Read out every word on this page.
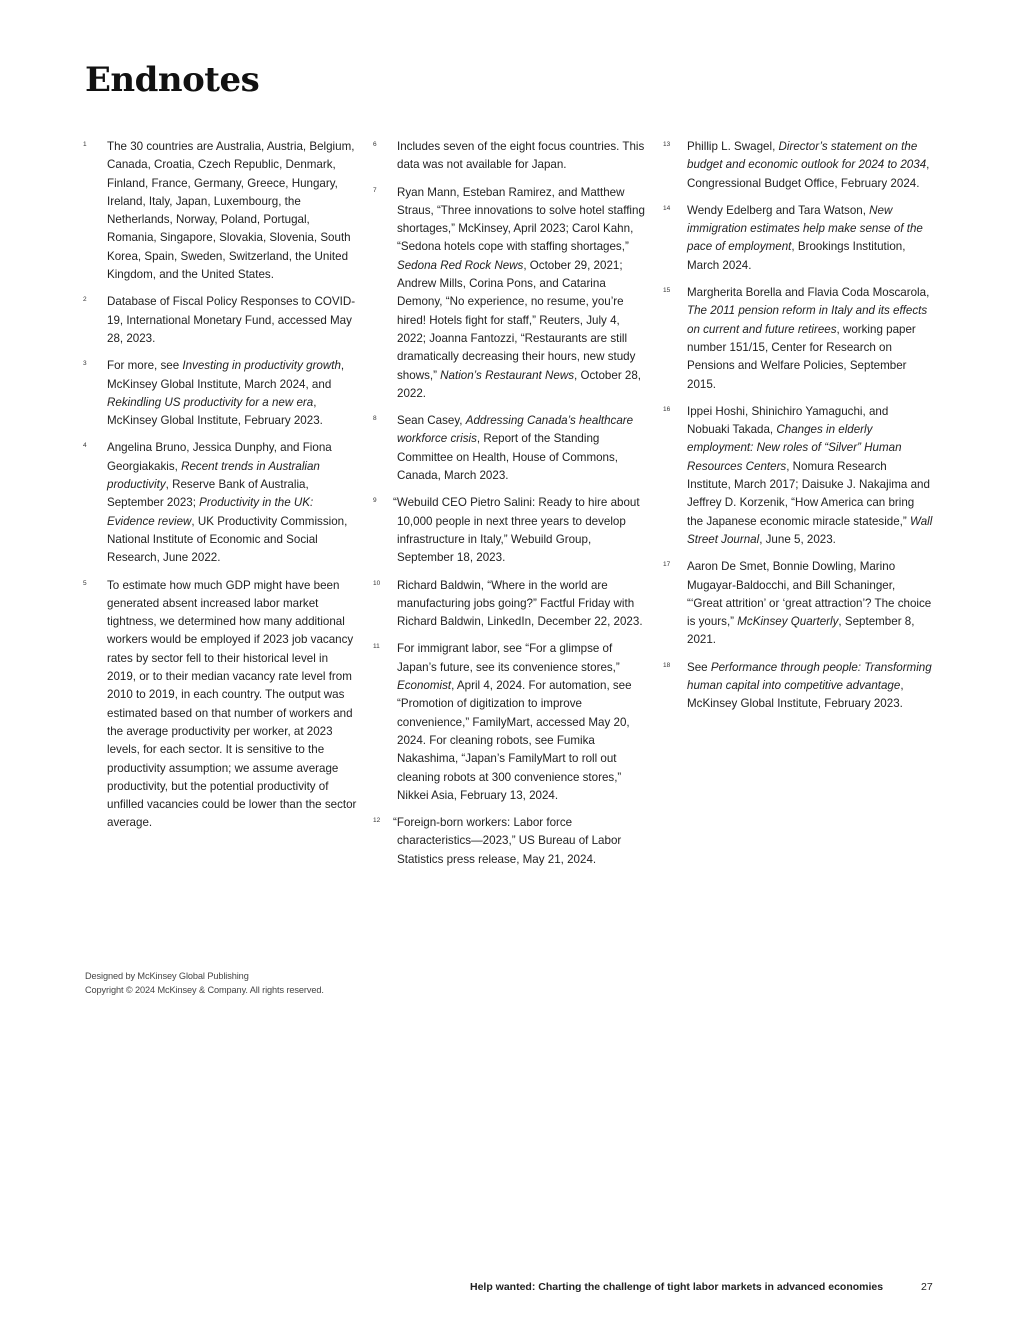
Endnotes
1 The 30 countries are Australia, Austria, Belgium, Canada, Croatia, Czech Republic, Denmark, Finland, France, Germany, Greece, Hungary, Ireland, Italy, Japan, Luxembourg, the Netherlands, Norway, Poland, Portugal, Romania, Singapore, Slovakia, Slovenia, South Korea, Spain, Sweden, Switzerland, the United Kingdom, and the United States.
2 Database of Fiscal Policy Responses to COVID-19, International Monetary Fund, accessed May 28, 2023.
3 For more, see Investing in productivity growth, McKinsey Global Institute, March 2024, and Rekindling US productivity for a new era, McKinsey Global Institute, February 2023.
4 Angelina Bruno, Jessica Dunphy, and Fiona Georgiakakis, Recent trends in Australian productivity, Reserve Bank of Australia, September 2023; Productivity in the UK: Evidence review, UK Productivity Commission, National Institute of Economic and Social Research, June 2022.
5 To estimate how much GDP might have been generated absent increased labor market tightness, we determined how many additional workers would be employed if 2023 job vacancy rates by sector fell to their historical level in 2019, or to their median vacancy rate level from 2010 to 2019, in each country. The output was estimated based on that number of workers and the average productivity per worker, at 2023 levels, for each sector. It is sensitive to the productivity assumption; we assume average productivity, but the potential productivity of unfilled vacancies could be lower than the sector average.
6 Includes seven of the eight focus countries. This data was not available for Japan.
7 Ryan Mann, Esteban Ramirez, and Matthew Straus, “Three innovations to solve hotel staffing shortages,” McKinsey, April 2023; Carol Kahn, “Sedona hotels cope with staffing shortages,” Sedona Red Rock News, October 29, 2021; Andrew Mills, Corina Pons, and Catarina Demony, “No experience, no resume, you’re hired! Hotels fight for staff,” Reuters, July 4, 2022; Joanna Fantozzi, “Restaurants are still dramatically decreasing their hours, new study shows,” Nation’s Restaurant News, October 28, 2022.
8 Sean Casey, Addressing Canada’s healthcare workforce crisis, Report of the Standing Committee on Health, House of Commons, Canada, March 2023.
9 “Webuild CEO Pietro Salini: Ready to hire about 10,000 people in next three years to develop infrastructure in Italy,” Webuild Group, September 18, 2023.
10 Richard Baldwin, “Where in the world are manufacturing jobs going?” Factful Friday with Richard Baldwin, LinkedIn, December 22, 2023.
11 For immigrant labor, see “For a glimpse of Japan’s future, see its convenience stores,” Economist, April 4, 2024. For automation, see “Promotion of digitization to improve convenience,” FamilyMart, accessed May 20, 2024. For cleaning robots, see Fumika Nakashima, “Japan’s FamilyMart to roll out cleaning robots at 300 convenience stores,” Nikkei Asia, February 13, 2024.
12 “Foreign-born workers: Labor force characteristics—2023,” US Bureau of Labor Statistics press release, May 21, 2024.
13 Phillip L. Swagel, Director’s statement on the budget and economic outlook for 2024 to 2034, Congressional Budget Office, February 2024.
14 Wendy Edelberg and Tara Watson, New immigration estimates help make sense of the pace of employment, Brookings Institution, March 2024.
15 Margherita Borella and Flavia Coda Moscarola, The 2011 pension reform in Italy and its effects on current and future retirees, working paper number 151/15, Center for Research on Pensions and Welfare Policies, September 2015.
16 Ippei Hoshi, Shinichiro Yamaguchi, and Nobuaki Takada, Changes in elderly employment: New roles of “Silver” Human Resources Centers, Nomura Research Institute, March 2017; Daisuke J. Nakajima and Jeffrey D. Korzenik, “How America can bring the Japanese economic miracle stateside,” Wall Street Journal, June 5, 2023.
17 Aaron De Smet, Bonnie Dowling, Marino Mugayar-Baldocchi, and Bill Schaninger, “‘Great attrition’ or ‘great attraction’? The choice is yours,” McKinsey Quarterly, September 8, 2021.
18 See Performance through people: Transforming human capital into competitive advantage, McKinsey Global Institute, February 2023.
Designed by McKinsey Global Publishing
Copyright © 2024 McKinsey & Company. All rights reserved.
Help wanted: Charting the challenge of tight labor markets in advanced economies	27
